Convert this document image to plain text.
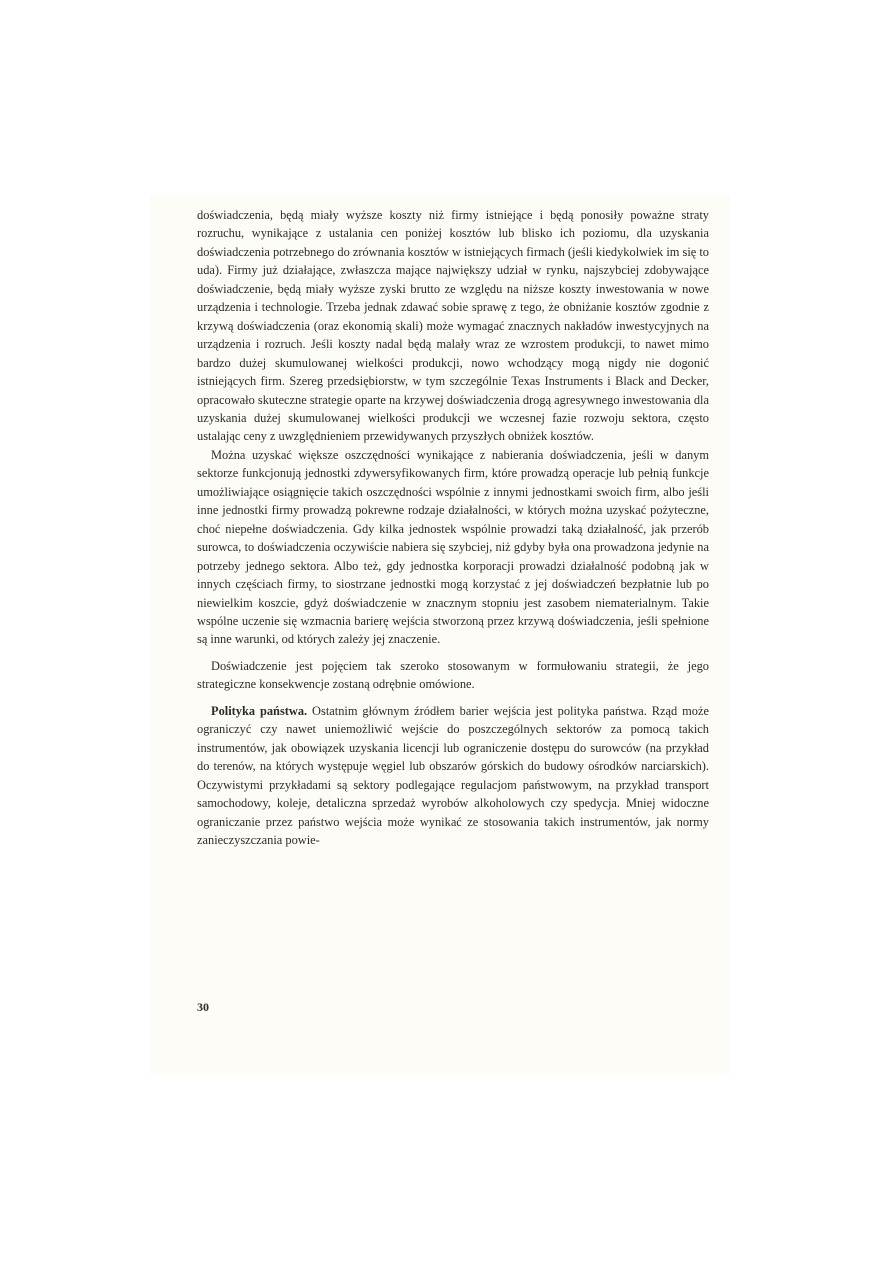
doświadczenia, będą miały wyższe koszty niż firmy istniejące i będą ponosiły poważne straty rozruchu, wynikające z ustalania cen poniżej kosztów lub blisko ich poziomu, dla uzyskania doświadczenia potrzebnego do zrównania kosztów w istniejących firmach (jeśli kiedykolwiek im się to uda). Firmy już działające, zwłaszcza mające największy udział w rynku, najszybciej zdobywające doświadczenie, będą miały wyższe zyski brutto ze względu na niższe koszty inwestowania w nowe urządzenia i technologie. Trzeba jednak zdawać sobie sprawę z tego, że obniżanie kosztów zgodnie z krzywą doświadczenia (oraz ekonomią skali) może wymagać znacznych nakładów inwestycyjnych na urządzenia i rozruch. Jeśli koszty nadal będą malały wraz ze wzrostem produkcji, to nawet mimo bardzo dużej skumulowanej wielkości produkcji, nowo wchodzący mogą nigdy nie dogonić istniejących firm. Szereg przedsiębiorstw, w tym szczególnie Texas Instruments i Black and Decker, opracowało skuteczne strategie oparte na krzywej doświadczenia drogą agresywnego inwestowania dla uzyskania dużej skumulowanej wielkości produkcji we wczesnej fazie rozwoju sektora, często ustalając ceny z uwzględnieniem przewidywanych przyszłych obniżek kosztów.

Można uzyskać większe oszczędności wynikające z nabierania doświadczenia, jeśli w danym sektorze funkcjonują jednostki zdywersyfikowanych firm, które prowadzą operacje lub pełnią funkcje umożliwiające osiągnięcie takich oszczędności wspólnie z innymi jednostkami swoich firm, albo jeśli inne jednostki firmy prowadzą pokrewne rodzaje działalności, w których można uzyskać pożyteczne, choć niepełne doświadczenia. Gdy kilka jednostek wspólnie prowadzi taką działalność, jak przerób surowca, to doświadczenia oczywiście nabiera się szybciej, niż gdyby była ona prowadzona jedynie na potrzeby jednego sektora. Albo też, gdy jednostka korporacji prowadzi działalność podobną jak w innych częściach firmy, to siostrzane jednostki mogą korzystać z jej doświadczeń bezpłatnie lub po niewielkim koszcie, gdyż doświadczenie w znacznym stopniu jest zasobem niematerialnym. Takie wspólne uczenie się wzmacnia barierę wejścia stworzoną przez krzywą doświadczenia, jeśli spełnione są inne warunki, od których zależy jej znaczenie.

Doświadczenie jest pojęciem tak szeroko stosowanym w formułowaniu strategii, że jego strategiczne konsekwencje zostaną odrębnie omówione.

Polityka państwa. Ostatnim głównym źródłem barier wejścia jest polityka państwa. Rząd może ograniczyć czy nawet uniemożliwić wejście do poszczególnych sektorów za pomocą takich instrumentów, jak obowiązek uzyskania licencji lub ograniczenie dostępu do surowców (na przykład do terenów, na których występuje węgiel lub obszarów górskich do budowy ośrodków narciarskich). Oczywistymi przykładami są sektory podlegające regulacjom państwowym, na przykład transport samochodowy, koleje, detaliczna sprzedaż wyrobów alkoholowych czy spedycja. Mniej widoczne ograniczanie przez państwo wejścia może wynikać ze stosowania takich instrumentów, jak normy zanieczyszczania powie-

30
